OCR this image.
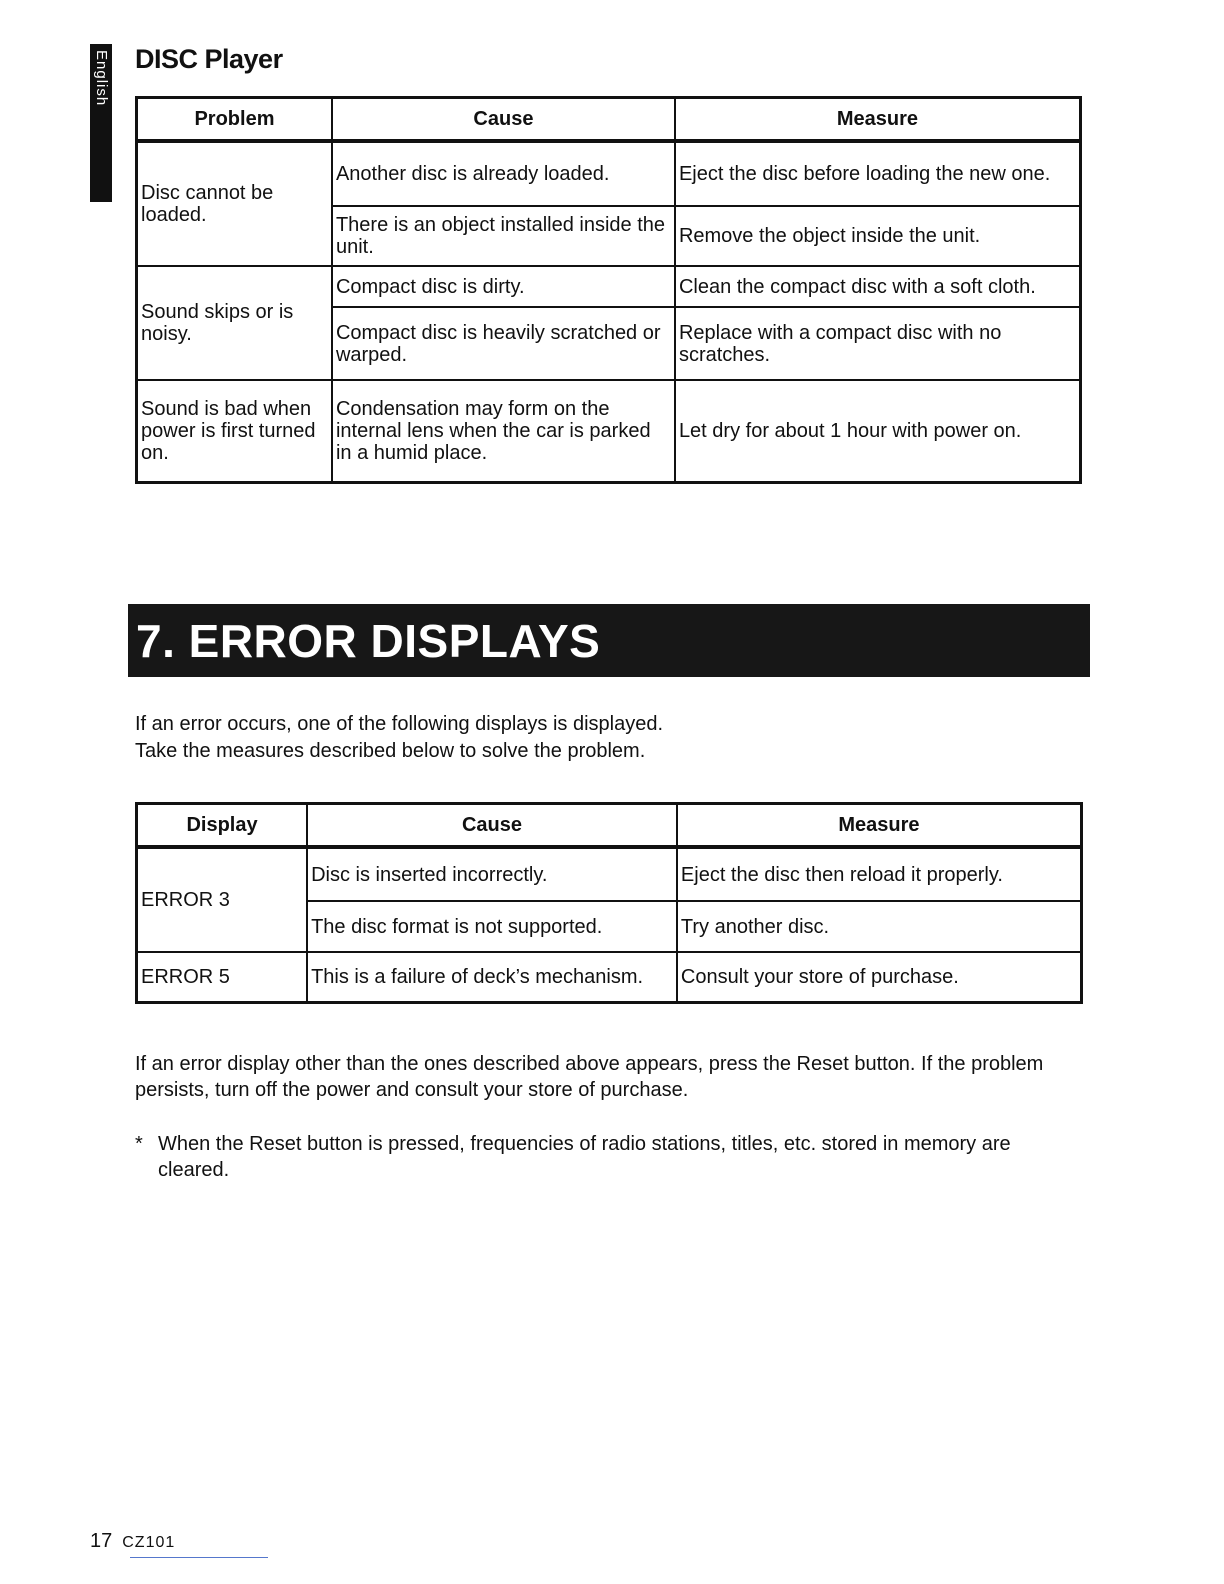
English DISC Player
Problem	Cause	Measure
Disc cannot be loaded.	Another disc is already loaded.	Eject the disc before loading the new one.
	There is an object installed inside the unit.	Remove the object inside the unit.
Sound skips or is noisy.	Compact disc is dirty.	Clean the compact disc with a soft cloth.
	Compact disc is heavily scratched or warped.	Replace with a compact disc with no scratches.
Sound is bad when power is first turned on.	Condensation may form on the internal lens when the car is parked in a humid place.	Let dry for about 1 hour with power on.
7. ERROR DISPLAYS
If an error occurs, one of the following displays is displayed.
Take the measures described below to solve the problem.
Display	Cause	Measure
ERROR 3	Disc is inserted incorrectly.	Eject the disc then reload it properly.
	The disc format is not supported.	Try another disc.
ERROR 5	This is a failure of deck’s mechanism.	Consult your store of purchase.
If an error display other than the ones described above appears, press the Reset button. If the problem persists, turn off the power and consult your store of purchase.
* When the Reset button is pressed, frequencies of radio stations, titles, etc. stored in memory are cleared.
17 CZ101
